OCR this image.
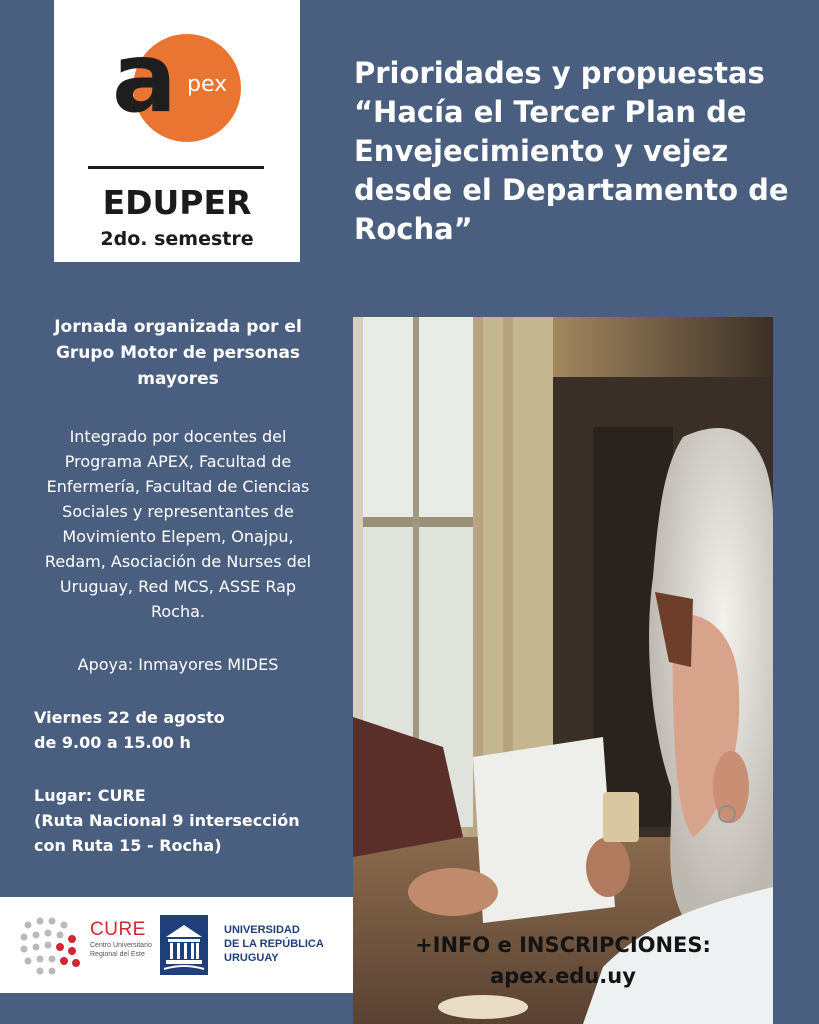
a pex
EDUPER
2do. semestre
Prioridades y propuestas
“Hacía el Tercer Plan de
Envejecimiento y vejez
desde el Departamento de
Rocha”
Jornada organizada por el
Grupo Motor de personas
mayores
Integrado por docentes del
Programa APEX, Facultad de
Enfermería, Facultad de Ciencias
Sociales y representantes de
Movimiento Elepem, Onajpu,
Redam, Asociación de Nurses del
Uruguay, Red MCS, ASSE Rap
Rocha.
Apoya: Inmayores MIDES
Viernes 22 de agosto
de 9.00 a 15.00 h
Lugar: CURE
(Ruta Nacional 9 intersección
con Ruta 15 - Rocha)
CURE
Centro Universitario
Regional del Este
UNIVERSIDAD
DE LA REPÚBLICA
URUGUAY
+INFO e INSCRIPCIONES:
apex.edu.uy
